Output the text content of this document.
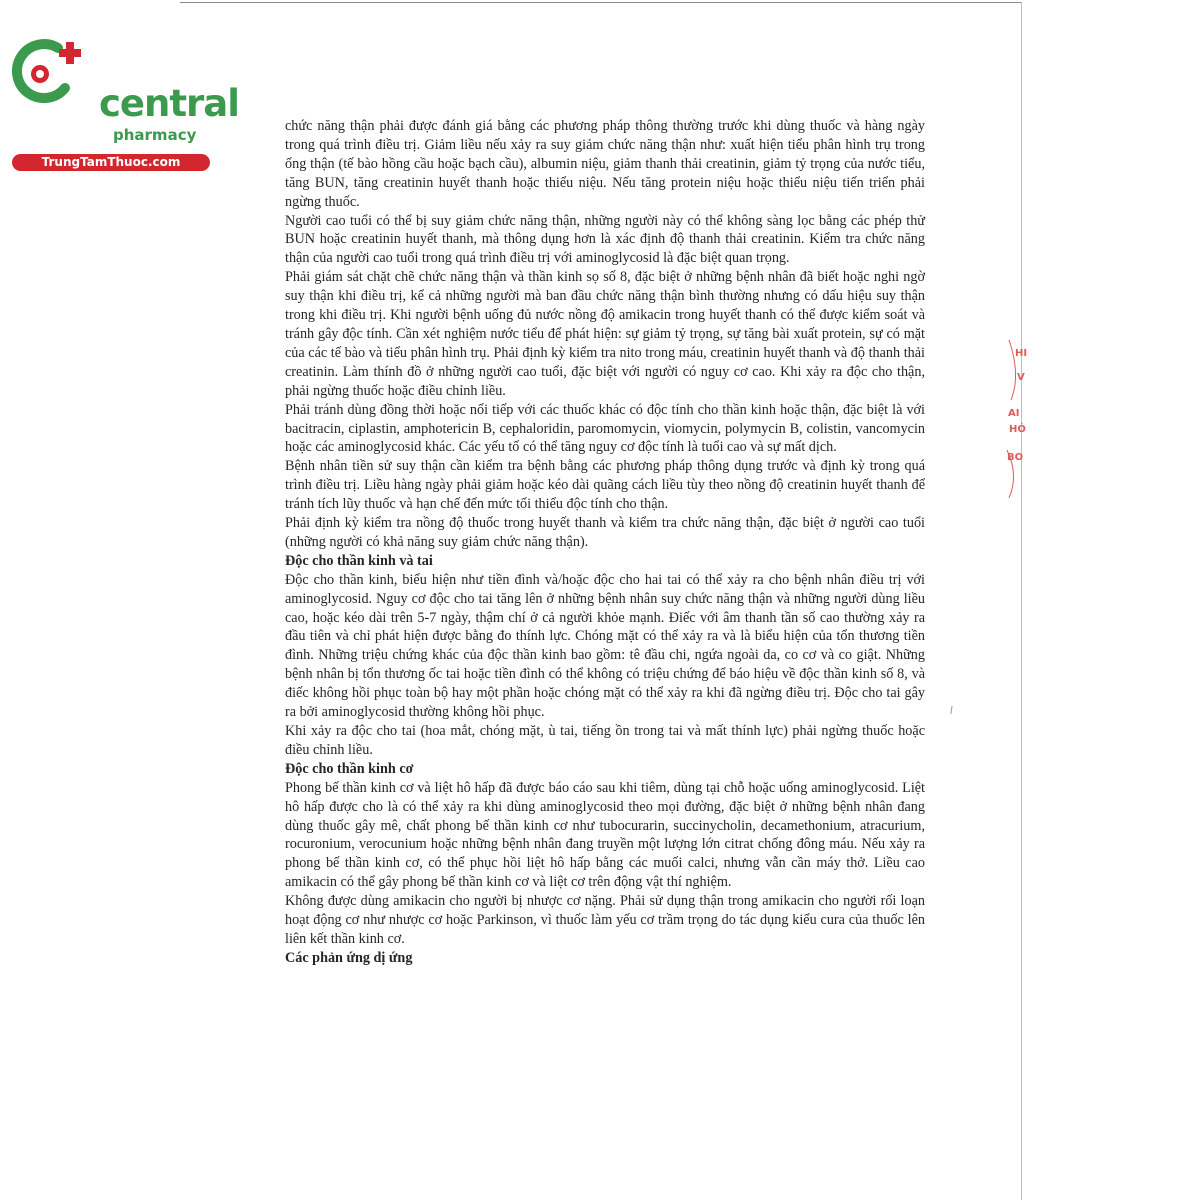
central
pharmacy
TrungTamThuoc.com

chức năng thận phải được đánh giá bằng các phương pháp thông thường trước khi dùng thuốc và hàng ngày trong quá trình điều trị. Giảm liều nếu xảy ra suy giảm chức năng thận như: xuất hiện tiểu phân hình trụ trong ống thận (tế bào hồng cầu hoặc bạch cầu), albumin niệu, giảm thanh thải creatinin, giảm tỷ trọng của nước tiểu, tăng BUN, tăng creatinin huyết thanh hoặc thiểu niệu. Nếu tăng protein niệu hoặc thiểu niệu tiến triển phải ngừng thuốc.

Người cao tuổi có thể bị suy giảm chức năng thận, những người này có thể không sàng lọc bằng các phép thử BUN hoặc creatinin huyết thanh, mà thông dụng hơn là xác định độ thanh thải creatinin. Kiểm tra chức năng thận của người cao tuổi trong quá trình điều trị với aminoglycosid là đặc biệt quan trọng.

Phải giám sát chặt chẽ chức năng thận và thần kinh sọ số 8, đặc biệt ở những bệnh nhân đã biết hoặc nghi ngờ suy thận khi điều trị, kể cả những người mà ban đầu chức năng thận bình thường nhưng có dấu hiệu suy thận trong khi điều trị. Khi người bệnh uống đủ nước nồng độ amikacin trong huyết thanh có thể được kiểm soát và tránh gây độc tính. Cần xét nghiệm nước tiểu để phát hiện: sự giảm tỷ trọng, sự tăng bài xuất protein, sự có mặt của các tế bào và tiểu phân hình trụ. Phải định kỳ kiểm tra nito trong máu, creatinin huyết thanh và độ thanh thải creatinin. Làm thính đồ ở những người cao tuổi, đặc biệt với người có nguy cơ cao. Khi xảy ra độc cho thận, phải ngừng thuốc hoặc điều chỉnh liều.

Phải tránh dùng đồng thời hoặc nối tiếp với các thuốc khác có độc tính cho thần kinh hoặc thận, đặc biệt là với bacitracin, ciplastin, amphotericin B, cephaloridin, paromomycin, viomycin, polymycin B, colistin, vancomycin hoặc các aminoglycosid khác. Các yếu tố có thể tăng nguy cơ độc tính là tuổi cao và sự mất dịch.

Bệnh nhân tiền sử suy thận cần kiểm tra bệnh bằng các phương pháp thông dụng trước và định kỳ trong quá trình điều trị. Liều hàng ngày phải giảm hoặc kéo dài quãng cách liều tùy theo nồng độ creatinin huyết thanh để tránh tích lũy thuốc và hạn chế đến mức tối thiểu độc tính cho thận.

Phải định kỳ kiểm tra nồng độ thuốc trong huyết thanh và kiểm tra chức năng thận, đặc biệt ở người cao tuổi (những người có khả năng suy giảm chức năng thận).

Độc cho thần kinh và tai

Độc cho thần kinh, biểu hiện như tiền đình và/hoặc độc cho hai tai có thể xảy ra cho bệnh nhân điều trị với aminoglycosid. Nguy cơ độc cho tai tăng lên ở những bệnh nhân suy chức năng thận và những người dùng liều cao, hoặc kéo dài trên 5-7 ngày, thậm chí ở cả người khỏe mạnh. Điếc với âm thanh tần số cao thường xảy ra đầu tiên và chỉ phát hiện được bằng đo thính lực. Chóng mặt có thể xảy ra và là biểu hiện của tổn thương tiền đình. Những triệu chứng khác của độc thần kinh bao gồm: tê đầu chi, ngứa ngoài da, co cơ và co giật. Những bệnh nhân bị tổn thương ốc tai hoặc tiền đình có thể không có triệu chứng để báo hiệu về độc thần kinh số 8, và điếc không hồi phục toàn bộ hay một phần hoặc chóng mặt có thể xảy ra khi đã ngừng điều trị. Độc cho tai gây ra bởi aminoglycosid thường không hồi phục.

Khi xảy ra độc cho tai (hoa mắt, chóng mặt, ù tai, tiếng ồn trong tai và mất thính lực) phải ngừng thuốc hoặc điều chỉnh liều.

Độc cho thần kinh cơ

Phong bế thần kinh cơ và liệt hô hấp đã được báo cáo sau khi tiêm, dùng tại chỗ hoặc uống aminoglycosid. Liệt hô hấp được cho là có thể xảy ra khi dùng aminoglycosid theo mọi đường, đặc biệt ở những bệnh nhân đang dùng thuốc gây mê, chất phong bế thần kinh cơ như tubocurarin, succinycholin, decamethonium, atracurium, rocuronium, verocunium hoặc những bệnh nhân đang truyền một lượng lớn citrat chống đông máu. Nếu xảy ra phong bế thần kinh cơ, có thể phục hồi liệt hô hấp bằng các muối calci, nhưng vẫn cần máy thở. Liều cao amikacin có thể gây phong bế thần kinh cơ và liệt cơ trên động vật thí nghiệm.

Không được dùng amikacin cho người bị nhược cơ nặng. Phải sử dụng thận trong amikacin cho người rối loạn hoạt động cơ như nhược cơ hoặc Parkinson, vì thuốc làm yếu cơ trầm trọng do tác dụng kiểu cura của thuốc lên liên kết thần kinh cơ.

Các phản ứng dị ứng
HI
V
AI
HÓ
BO
